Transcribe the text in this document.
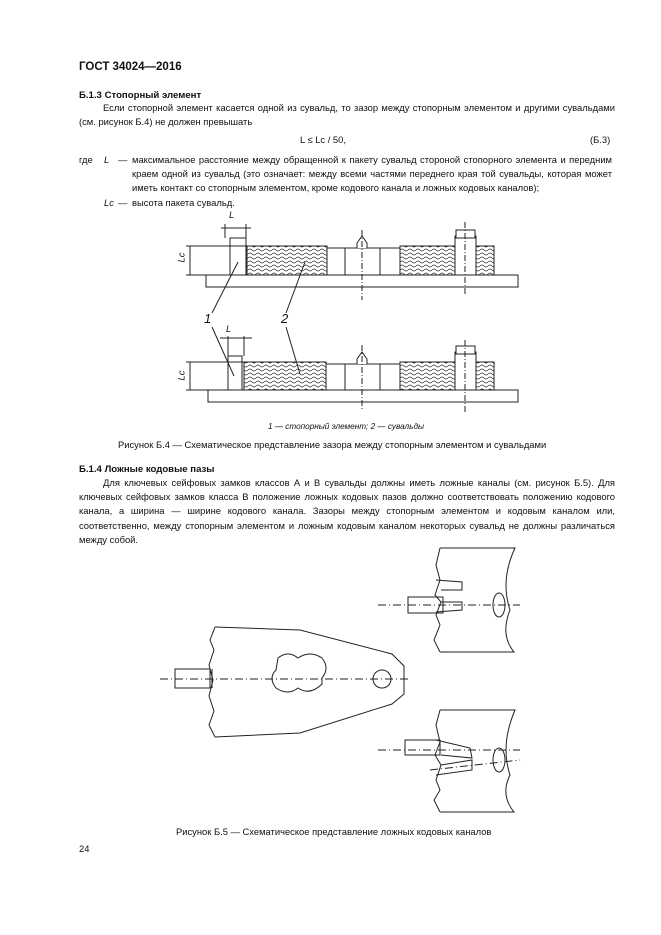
ГОСТ 34024—2016
Б.1.3 Стопорный элемент
Если стопорной элемент касается одной из сувальд, то зазор между стопорным элементом и другими сувальдами (см. рисунок Б.4) не должен превышать
L ≤ Lc / 50,	(Б.3)
где	L	—	максимальное расстояние между обращенной к пакету сувальд стороной стопорного элемента и передним краем одной из сувальд (это означает: между всеми частями переднего края той сувальды, которая может иметь контакт со стопорным элементом, кроме кодового канала и ложных кодовых каналов);
	Lc	—	высота пакета сувальд.
L
Lc
L
Lc
1	2
1 — стопорный элемент; 2 — сувальды
Рисунок Б.4 — Схематическое представление зазора между стопорным элементом и сувальдами
Б.1.4 Ложные кодовые пазы
Для ключевых сейфовых замков классов А и В сувальды должны иметь ложные каналы (см. рисунок Б.5). Для ключевых сейфовых замков класса В положение ложных кодовых пазов должно соответствовать положению кодового канала, а ширина — ширине кодового канала. Зазоры между стопорным элементом и кодовым каналом или, соответственно, между стопорным элементом и ложным кодовым каналом некоторых сувальд не должны различаться между собой.
Рисунок Б.5 — Схематическое представление ложных кодовых каналов
24
